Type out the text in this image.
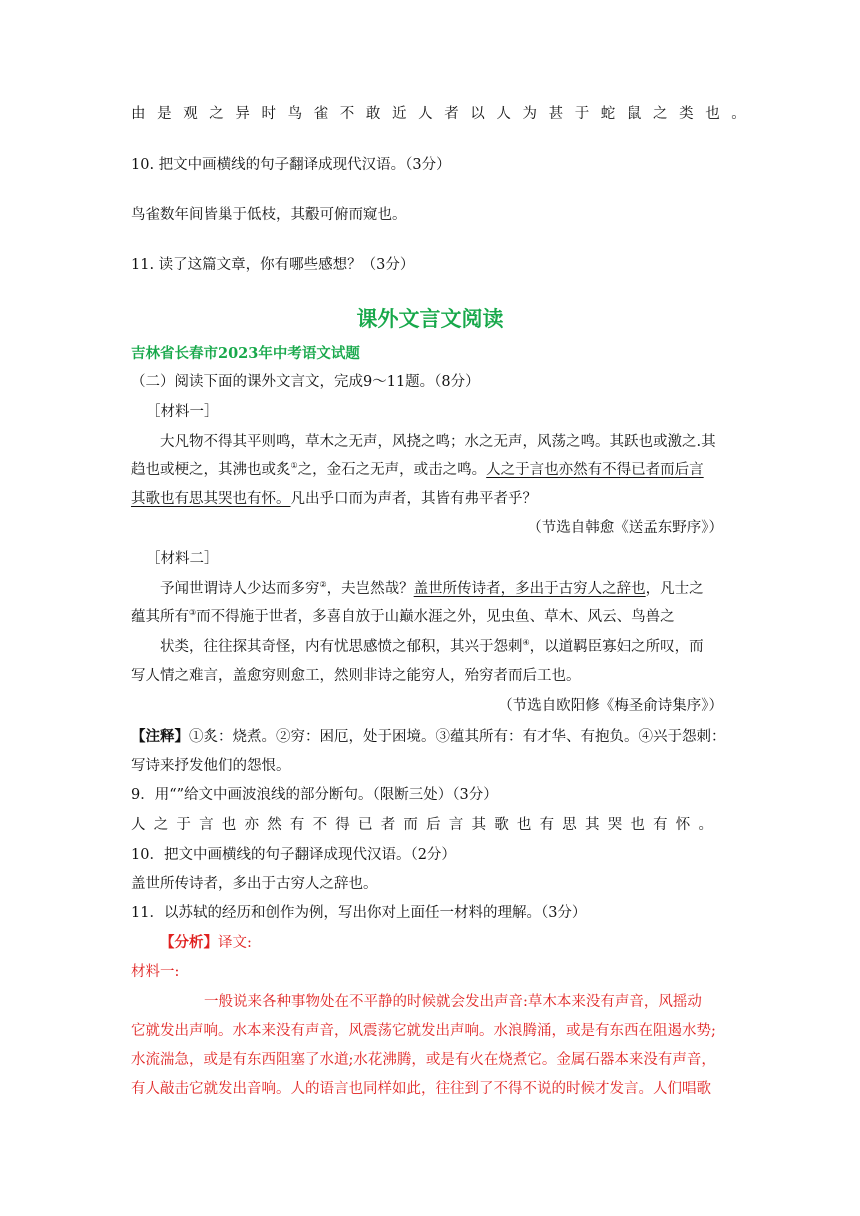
由是观之异时鸟雀不敢近人者以人为甚于蛇鼠之类也。
10. 把文中画横线的句子翻译成现代汉语。（3分）
鸟雀数年间皆巢于低枝，其鷇可俯而窥也。
11. 读了这篇文章，你有哪些感想？（3分）
课外文言文阅读
吉林省长春市2023年中考语文试题
（二）阅读下面的课外文言文，完成9～11题。（8分）
［材料一］
大凡物不得其平则鸣，草木之无声，风挠之鸣；水之无声，风荡之鸣。其跃也或激之.其
趋也或梗之，其沸也或炙①之，金石之无声，或击之鸣。人之于言也亦然有不得已者而后言
其歌也有思其哭也有怀。凡出乎口而为声者，其皆有弗平者乎？
（节选自韩愈《送孟东野序》）
［材料二］
予闻世谓诗人少达而多穷②，夫岂然哉？盖世所传诗者，多出于古穷人之辞也，凡士之
蕴其所有③而不得施于世者，多喜自放于山巅水涯之外，见虫鱼、草木、风云、鸟兽之
状类，往往探其奇怪，内有忧思感愤之郁积，其兴于怨刺④，以道羁臣寡妇之所叹，而
写人情之难言，盖愈穷则愈工，然则非诗之能穷人，殆穷者而后工也。
（节选自欧阳修《梅圣俞诗集序》）
【注释】①炙：烧煮。②穷：困厄，处于困境。③蕴其所有：有才华、有抱负。④兴于怨刺：
写诗来抒发他们的怨恨。
9．用“”给文中画波浪线的部分断句。（限断三处）（3分）
人之于言也亦然有不得已者而后言其歌也有思其哭也有怀。
10．把文中画横线的句子翻译成现代汉语。（2分）
盖世所传诗者，多出于古穷人之辞也。
11．以苏轼的经历和创作为例，写出你对上面任一材料的理解。（3分）
【分析】译文:
材料一:
一般说来各种事物处在不平静的时候就会发出声音:草木本来没有声音，风摇动
它就发出声响。水本来没有声音，风震荡它就发出声响。水浪腾涌，或是有东西在阻遏水势;
水流湍急，或是有东西阻塞了水道;水花沸腾，或是有火在烧煮它。金属石器本来没有声音，
有人敲击它就发出音响。人的语言也同样如此，往往到了不得不说的时候才发言。人们唱歌
